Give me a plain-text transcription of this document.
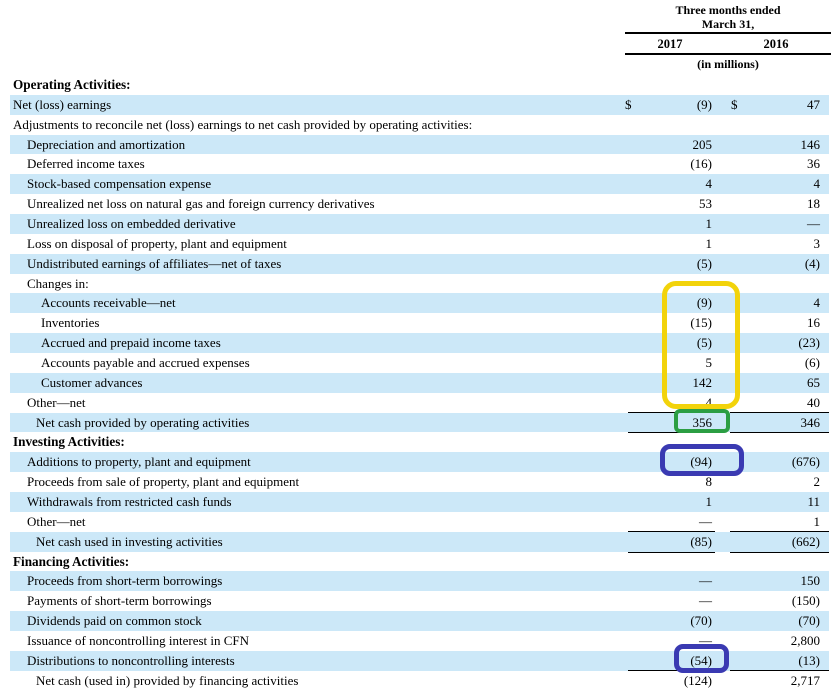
Three months ended
March 31,
2017	2016
(in millions)
Operating Activities:
Net (loss) earnings	$	(9)	$	47
Adjustments to reconcile net (loss) earnings to net cash provided by operating activities:
Depreciation and amortization	205	146
Deferred income taxes	(16)	36
Stock-based compensation expense	4	4
Unrealized net loss on natural gas and foreign currency derivatives	53	18
Unrealized loss on embedded derivative	1	—
Loss on disposal of property, plant and equipment	1	3
Undistributed earnings of affiliates—net of taxes	(5)	(4)
Changes in:
Accounts receivable—net	(9)	4
Inventories	(15)	16
Accrued and prepaid income taxes	(5)	(23)
Accounts payable and accrued expenses	5	(6)
Customer advances	142	65
Other—net	4	40
Net cash provided by operating activities	356	346
Investing Activities:
Additions to property, plant and equipment	(94)	(676)
Proceeds from sale of property, plant and equipment	8	2
Withdrawals from restricted cash funds	1	11
Other—net	—	1
Net cash used in investing activities	(85)	(662)
Financing Activities:
Proceeds from short-term borrowings	—	150
Payments of short-term borrowings	—	(150)
Dividends paid on common stock	(70)	(70)
Issuance of noncontrolling interest in CFN	—	2,800
Distributions to noncontrolling interests	(54)	(13)
Net cash (used in) provided by financing activities	(124)	2,717
